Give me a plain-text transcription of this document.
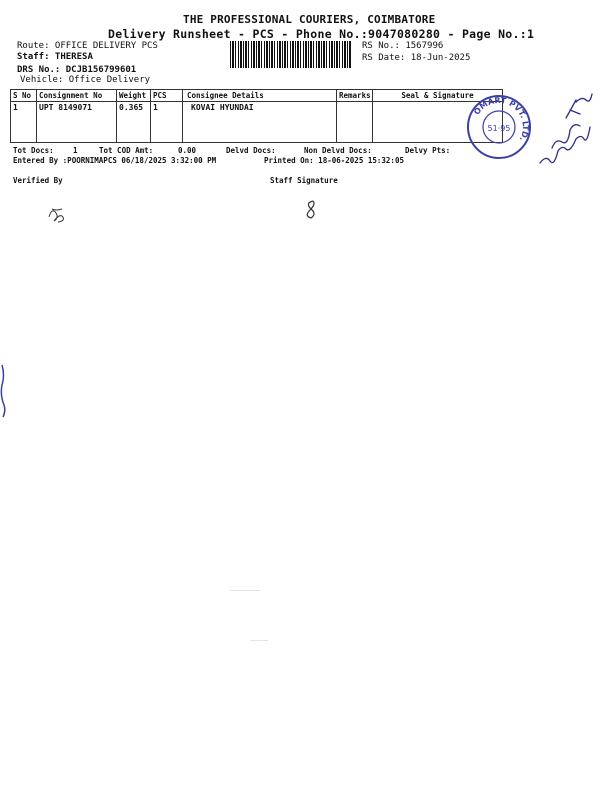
THE PROFESSIONAL COURIERS, COIMBATORE
Delivery Runsheet - PCS - Phone No.:9047080280 - Page No.:1
Route: OFFICE DELIVERY PCS
Staff: THERESA
DRS No.: DCJB156799601
Vehicle: Office Delivery
RS No.: 1567996
RS Date: 18-Jun-2025
S No	Consignment No	Weight	PCS	Consignee Details	Remarks	Seal & Signature
1	UPT 8149071	0.365	1	KOVAI HYUNDAI			OMART PVT. LTD.
51·95
Tot Docs:	1	Tot COD Amt:	0.00	Delvd Docs:	Non Delvd Docs:	Delvy Pts:
Entered By :POORNIMAPCS 06/18/2025 3:32:00 PM	Printed On: 18-06-2025 15:32:05
Verified By	Staff Signature
